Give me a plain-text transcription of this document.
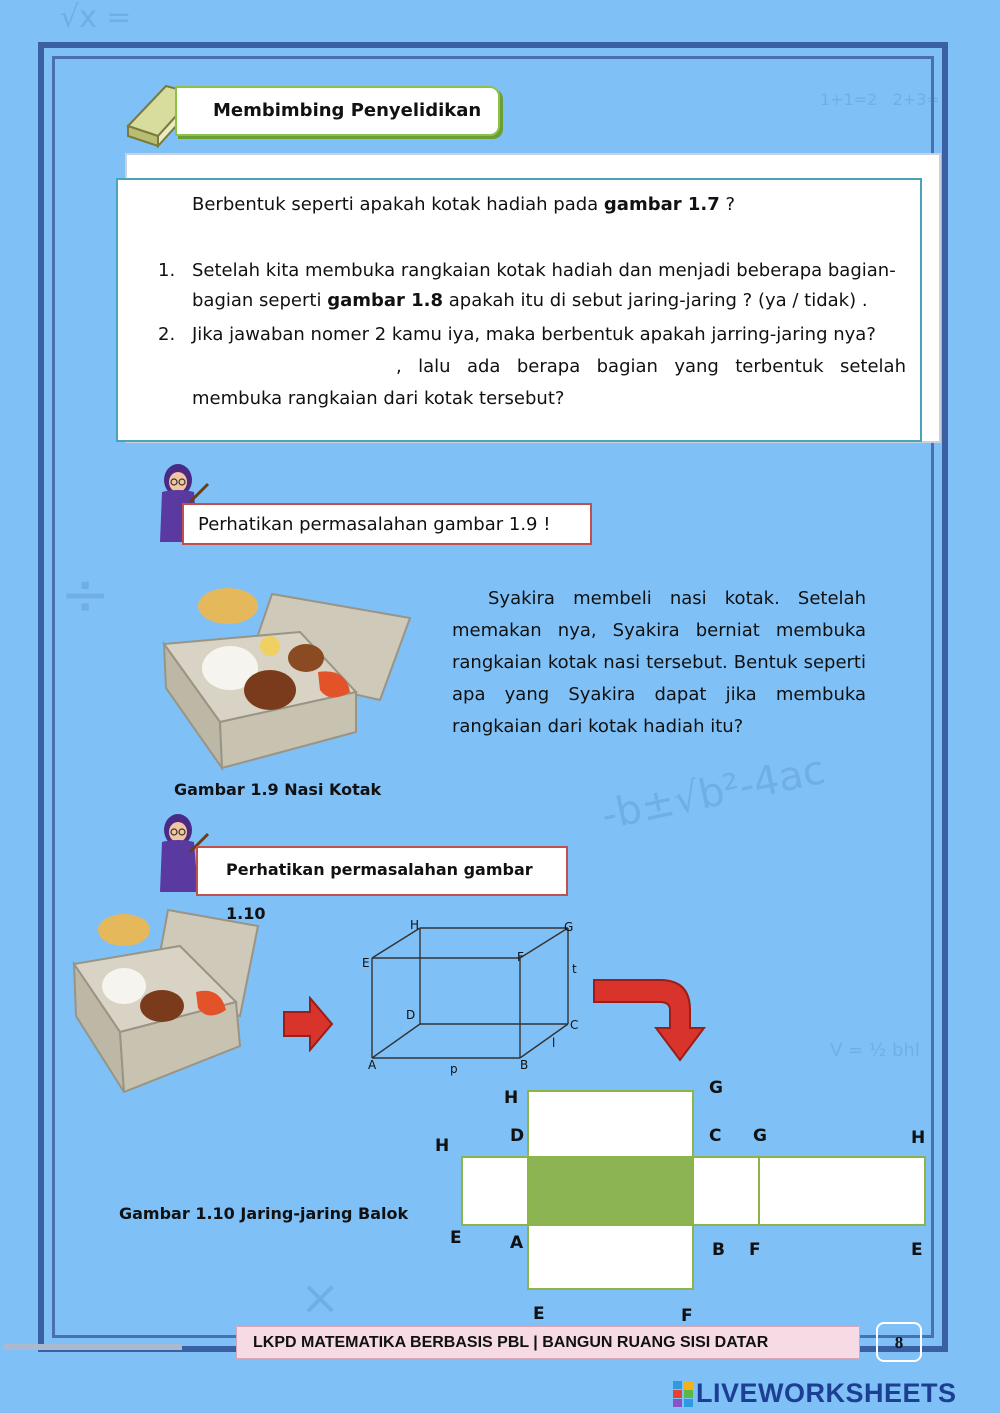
√x =
1+1=2   2+3=
÷
-b±√b²-4ac
V = ½ bhl
×
Membimbing Penyelidikan
Berbentuk seperti apakah kotak hadiah pada gambar 1.7 ?
1. Setelah kita membuka rangkaian kotak hadiah dan menjadi beberapa bagian-
bagian seperti gambar 1.8 apakah itu di sebut jaring-jaring ? (ya / tidak) .
2. Jika jawaban nomer 2 kamu iya, maka berbentuk apakah jarring-jaring nya?
, lalu ada berapa bagian yang terbentuk setelah
membuka rangkaian dari kotak tersebut?
Perhatikan permasalahan gambar 1.9 !
Syakira membeli nasi kotak. Setelah memakan nya, Syakira berniat membuka rangkaian kotak nasi tersebut. Bentuk seperti apa yang Syakira dapat jika membuka rangkaian dari kotak hadiah itu?
Gambar 1.9 Nasi Kotak
Perhatikan permasalahan gambar 1.10
H	G
E	F
t
D
C
l
A	p	B
H	G
H	D	C G	H
E	A	B F	E
E	F
Gambar 1.10 Jaring-jaring Balok
LKPD MATEMATIKA BERBASIS PBL | BANGUN RUANG SISI DATAR	8
LIVEWORKSHEETS
